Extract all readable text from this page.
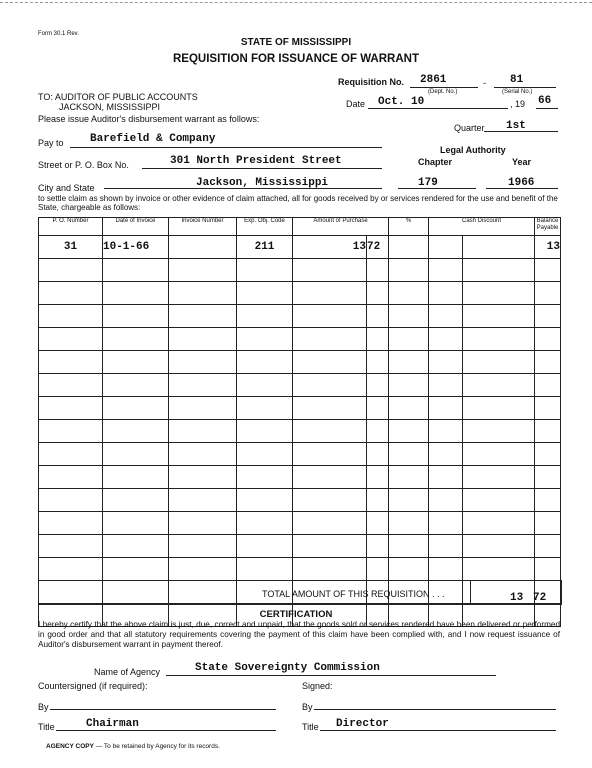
Form 30.1 Rev.
STATE OF MISSISSIPPI
REQUISITION FOR ISSUANCE OF WARRANT
Requisition No. 2861	- 81
(Dept. No.)	(Serial No.)
TO: AUDITOR OF PUBLIC ACCOUNTS
JACKSON, MISSISSIPPI	Date Oct. 10	, 19 66
Please issue Auditor's disbursement warrant as follows:
Quarter 1st
Pay to Barefield & Company
Legal Authority
Chapter	Year
Street or P. O. Box No.	301 North President Street
City and State	Jackson, Mississippi	179	1966
to settle claim as shown by invoice or other evidence of claim attached, all for goods received by or services rendered for the use and benefit of the State, chargeable as follows:
P. O. Number	Date of Invoice	Invoice Number	Exp. Obj. Code	Amount of Purchase		%	Cash Discount		Balance Payable	
31	10-1-66		211	13	72				13	

TOTAL AMOUNT OF THIS REQUISITION . . .	13 72
CERTIFICATION
I hereby certify that the above claim is just, due, correct and unpaid, that the goods sold or services rendered have been delivered or performed in good order and that all statutory requirements covering the payment of this claim have been complied with, and I now request issuance of Auditor's disbursement warrant in payment thereof.
Name of Agency	State Sovereignty Commission
Countersigned (if required):	Signed:
By	By
Title	Chairman	Title Director
AGENCY COPY — To be retained by Agency for its records.
